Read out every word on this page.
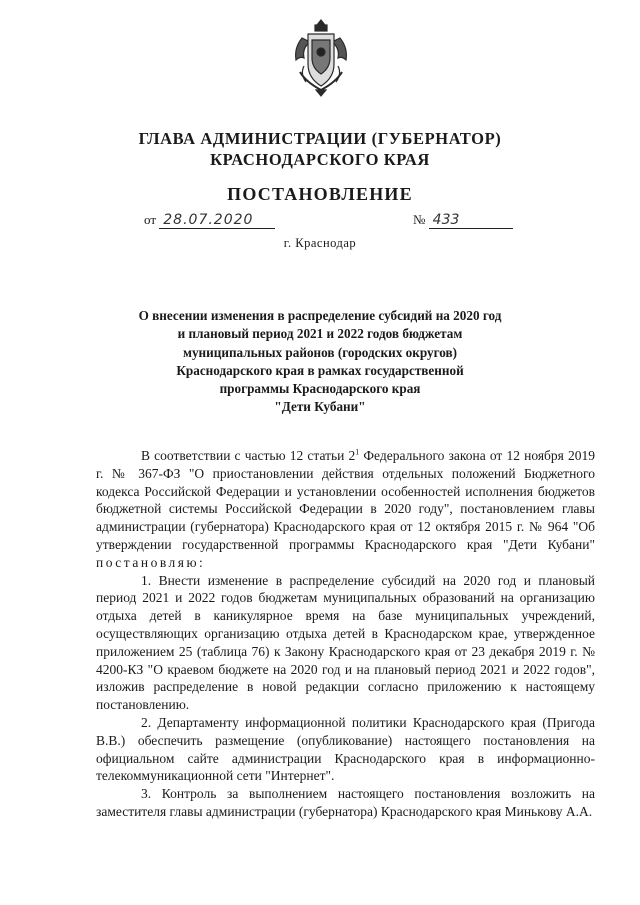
ГЛАВА АДМИНИСТРАЦИИ (ГУБЕРНАТОР)
КРАСНОДАРСКОГО КРАЯ
ПОСТАНОВЛЕНИЕ
от 28.07.2020	№ 433
г. Краснодар
О внесении изменения в распределение субсидий на 2020 год
и плановый период 2021 и 2022 годов бюджетам
муниципальных районов (городских округов)
Краснодарского края в рамках государственной
программы Краснодарского края
"Дети Кубани"

В соответствии с частью 12 статьи $2^1$ Федерального закона от 12 ноября 2019 г. № 367-ФЗ "О приостановлении действия отдельных положений Бюджетного кодекса Российской Федерации и установлении особенностей исполнения бюджетов бюджетной системы Российской Федерации в 2020 году", постановлением главы администрации (губернатора) Краснодарского края от 12 октября 2015 г. № 964 "Об утверждении государственной программы Краснодарского края "Дети Кубани" постановляю:

1. Внести изменение в распределение субсидий на 2020 год и плановый период 2021 и 2022 годов бюджетам муниципальных образований на организацию отдыха детей в каникулярное время на базе муниципальных учреждений, осуществляющих организацию отдыха детей в Краснодарском крае, утвержденное приложением 25 (таблица 76) к Закону Краснодарского края от 23 декабря 2019 г. № 4200-КЗ "О краевом бюджете на 2020 год и на плановый период 2021 и 2022 годов", изложив распределение в новой редакции согласно приложению к настоящему постановлению.

2. Департаменту информационной политики Краснодарского края (Пригода В.В.) обеспечить размещение (опубликование) настоящего постановления на официальном сайте администрации Краснодарского края в информационно-телекоммуникационной сети "Интернет".

3. Контроль за выполнением настоящего постановления возложить на заместителя главы администрации (губернатора) Краснодарского края Минькову А.А.
